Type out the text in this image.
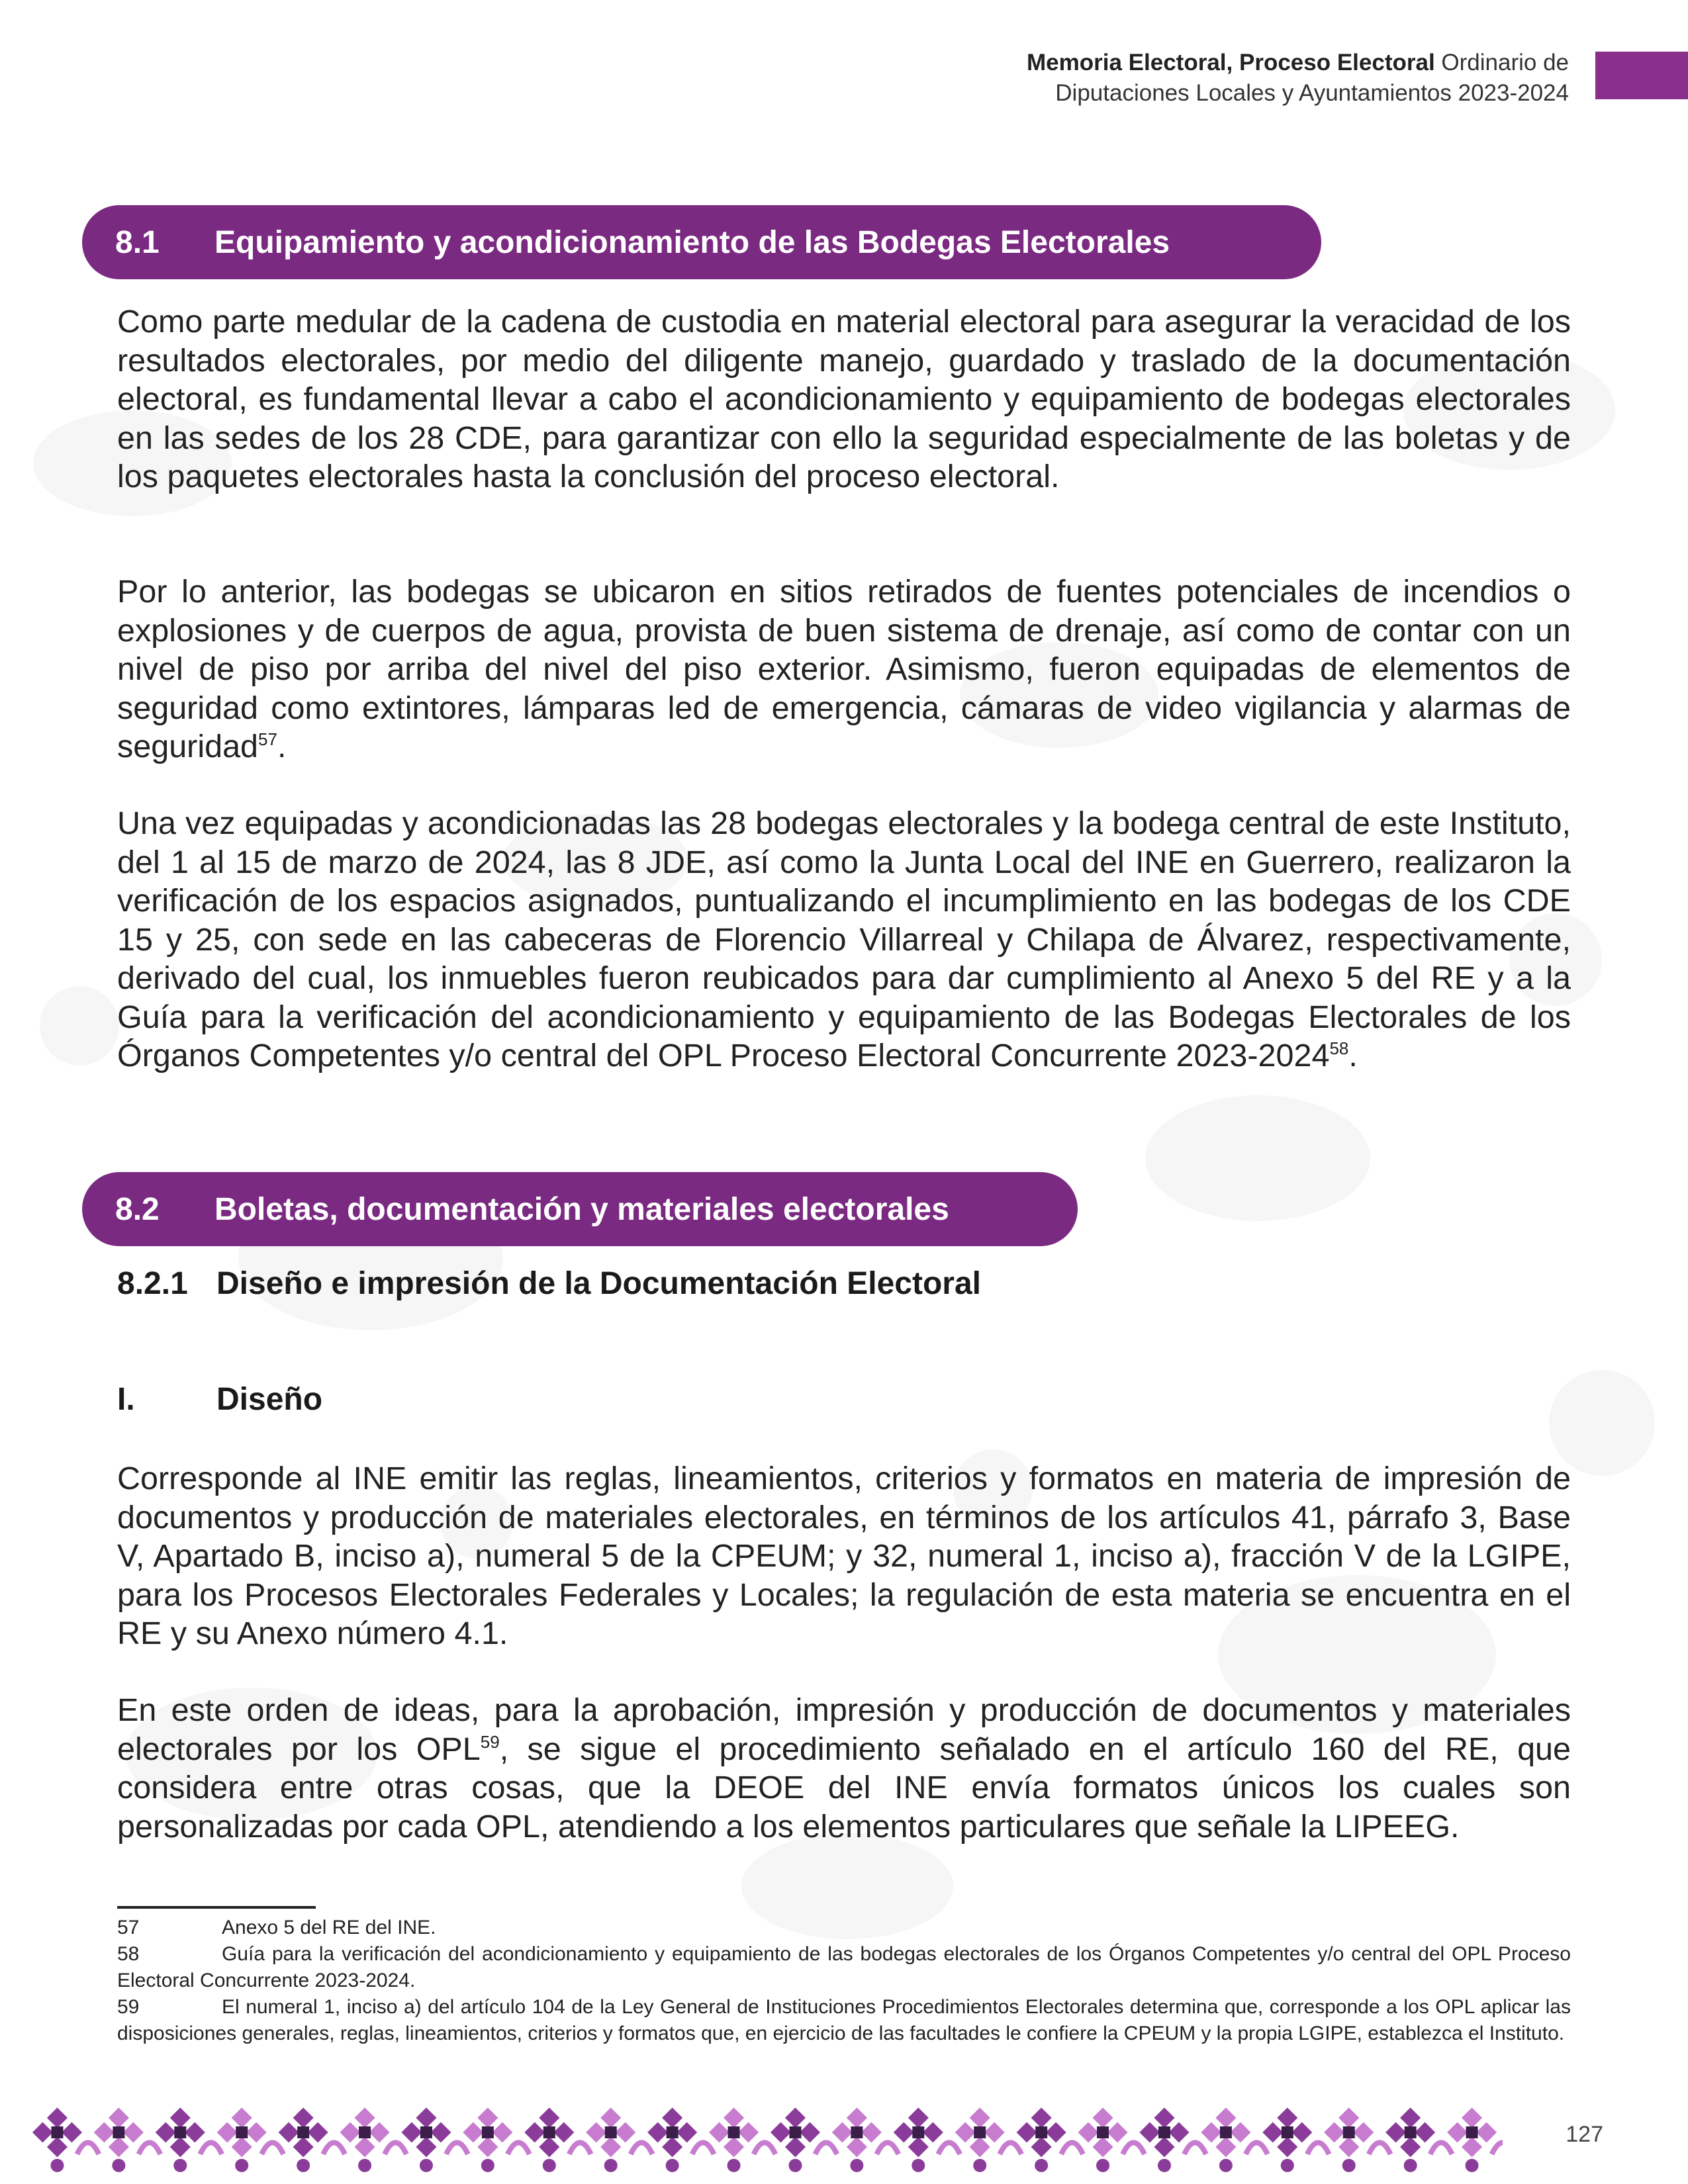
Memoria Electoral, Proceso Electoral Ordinario de
Diputaciones Locales y Ayuntamientos 2023-2024
8.1	Equipamiento y acondicionamiento de las Bodegas Electorales
Como parte medular de la cadena de custodia en material electoral para asegurar la veracidad de los resultados electorales, por medio del diligente manejo, guardado y traslado de la documentación electoral, es fundamental llevar a cabo el acondicionamiento y equipamiento de bodegas electorales en las sedes de los 28 CDE, para garantizar con ello la seguridad especialmente de las boletas y de los paquetes electorales hasta la conclusión del proceso electoral.
Por lo anterior, las bodegas se ubicaron en sitios retirados de fuentes potenciales de incendios o explosiones y de cuerpos de agua, provista de buen sistema de drenaje, así como de contar con un nivel de piso por arriba del nivel del piso exterior. Asimismo, fueron equipadas de elementos de seguridad como extintores, lámparas led de emergencia, cámaras de video vigilancia y alarmas de seguridad$^{57}$.
Una vez equipadas y acondicionadas las 28 bodegas electorales y la bodega central de este Instituto, del 1 al 15 de marzo de 2024, las 8 JDE, así como la Junta Local del INE en Guerrero, realizaron la verificación de los espacios asignados, puntualizando el incumplimiento en las bodegas de los CDE 15 y 25, con sede en las cabeceras de Florencio Villarreal y Chilapa de Álvarez, respectivamente, derivado del cual, los inmuebles fueron reubicados para dar cumplimiento al Anexo 5 del RE y a la Guía para la verificación del acondicionamiento y equipamiento de las Bodegas Electorales de los Órganos Competentes y/o central del OPL Proceso Electoral Concurrente 2023-2024$^{58}$.
8.2	Boletas, documentación y materiales electorales
8.2.1 Diseño e impresión de la Documentación Electoral
I.	Diseño
Corresponde al INE emitir las reglas, lineamientos, criterios y formatos en materia de impresión de documentos y producción de materiales electorales, en términos de los artículos 41, párrafo 3, Base V, Apartado B, inciso a), numeral 5 de la CPEUM; y 32, numeral 1, inciso a), fracción V de la LGIPE, para los Procesos Electorales Federales y Locales; la regulación de esta materia se encuentra en el RE y su Anexo número 4.1.
En este orden de ideas, para la aprobación, impresión y producción de documentos y materiales electorales por los OPL$^{59}$, se sigue el procedimiento señalado en el artículo 160 del RE, que considera entre otras cosas, que la DEOE del INE envía formatos únicos los cuales son personalizadas por cada OPL, atendiendo a los elementos particulares que señale la LIPEEG.

57	Anexo 5 del RE del INE.

58	Guía para la verificación del acondicionamiento y equipamiento de las bodegas electorales de los Órganos Competentes y/o central del OPL Proceso Electoral Concurrente 2023-2024.

59	El numeral 1, inciso a) del artículo 104 de la Ley General de Instituciones Procedimientos Electorales determina que, corresponde a los OPL aplicar las disposiciones generales, reglas, lineamientos, criterios y formatos que, en ejercicio de las facultades le confiere la CPEUM y la propia LGIPE, establezca el Instituto.

127
